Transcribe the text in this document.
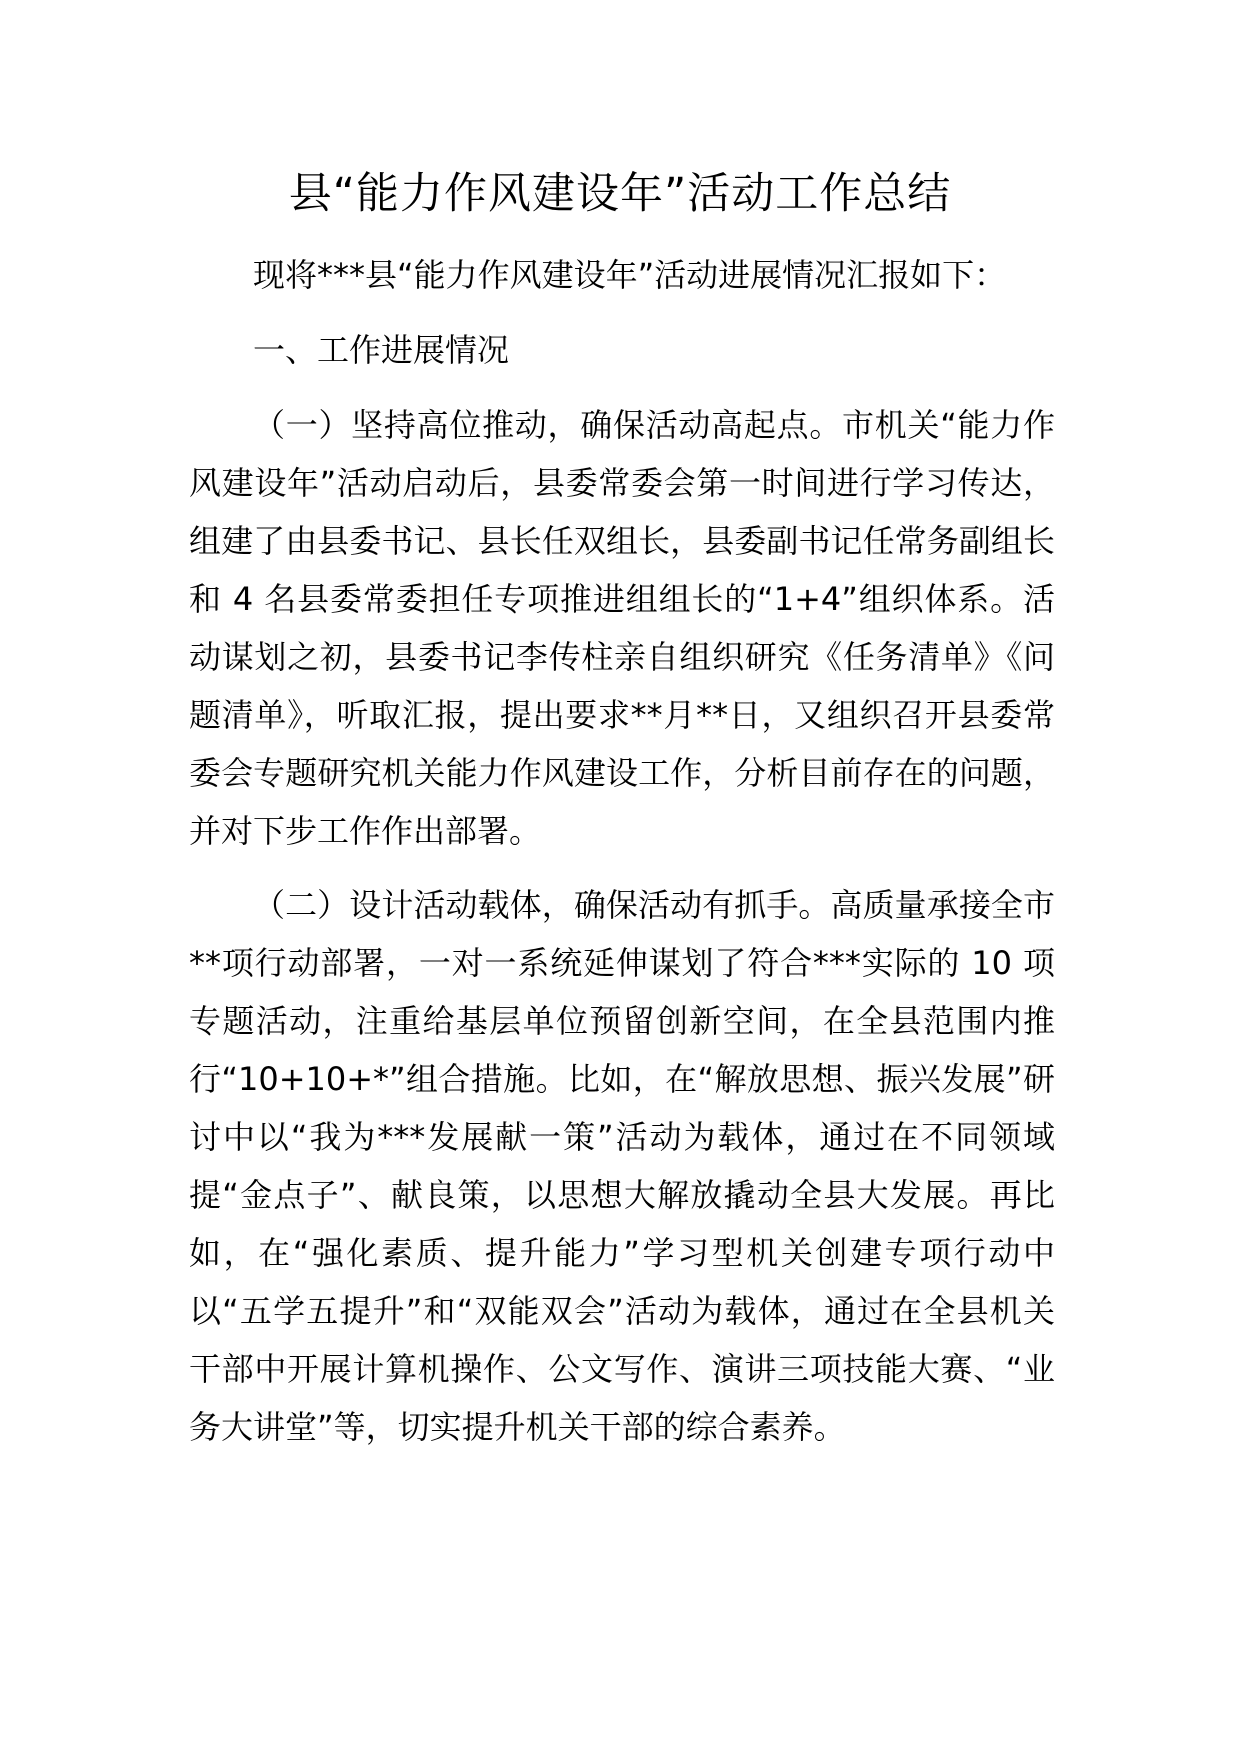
县“能力作风建设年”活动工作总结

现将***县“能力作风建设年”活动进展情况汇报如下：

一、工作进展情况

（一）坚持高位推动，确保活动高起点。市机关“能力作风建设年”活动启动后，县委常委会第一时间进行学习传达，组建了由县委书记、县长任双组长，县委副书记任常务副组长和 4 名县委常委担任专项推进组组长的“1+4”组织体系。活动谋划之初，县委书记李传柱亲自组织研究《任务清单》《问题清单》，听取汇报，提出要求**月**日，又组织召开县委常委会专题研究机关能力作风建设工作，分析目前存在的问题，并对下步工作作出部署。

（二）设计活动载体，确保活动有抓手。高质量承接全市**项行动部署，一对一系统延伸谋划了符合***实际的 10 项专题活动，注重给基层单位预留创新空间，在全县范围内推行“10+10+*”组合措施。比如，在“解放思想、振兴发展”研讨中以“我为***发展献一策”活动为载体，通过在不同领域提“金点子”、献良策，以思想大解放撬动全县大发展。再比如，在“强化素质、提升能力”学习型机关创建专项行动中以“五学五提升”和“双能双会”活动为载体，通过在全县机关干部中开展计算机操作、公文写作、演讲三项技能大赛、“业务大讲堂”等，切实提升机关干部的综合素养。
